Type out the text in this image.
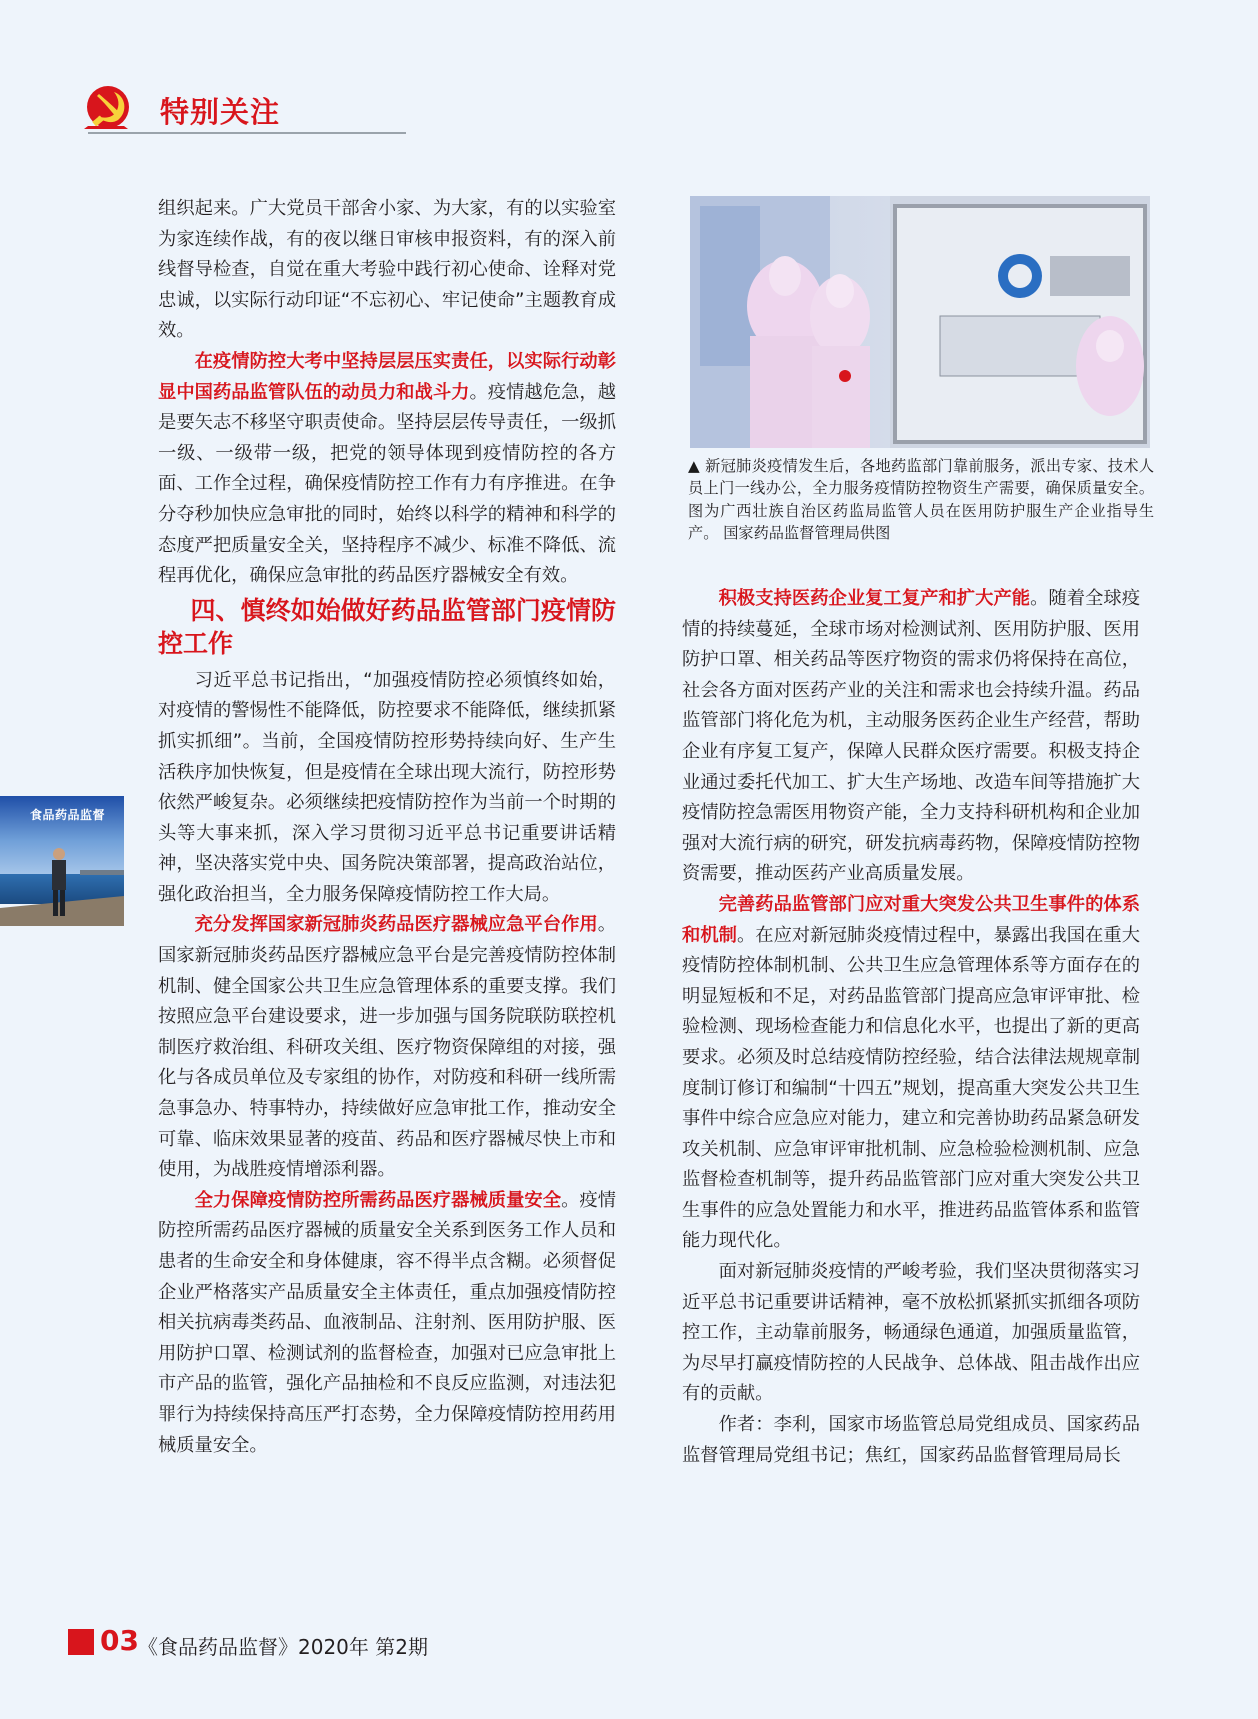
特别关注
食品药品监督

组织起来。广大党员干部舍小家、为大家，有的以实验室为家连续作战，有的夜以继日审核申报资料，有的深入前线督导检查，自觉在重大考验中践行初心使命、诠释对党忠诚，以实际行动印证“不忘初心、牢记使命”主题教育成效。

在疫情防控大考中坚持层层压实责任，以实际行动彰显中国药品监管队伍的动员力和战斗力。疫情越危急，越是要矢志不移坚守职责使命。坚持层层传导责任，一级抓一级、一级带一级，把党的领导体现到疫情防控的各方面、工作全过程，确保疫情防控工作有力有序推进。在争分夺秒加快应急审批的同时，始终以科学的精神和科学的态度严把质量安全关，坚持程序不减少、标准不降低、流程再优化，确保应急审批的药品医疗器械安全有效。

四、慎终如始做好药品监管部门疫情防控工作

习近平总书记指出，“加强疫情防控必须慎终如始，对疫情的警惕性不能降低，防控要求不能降低，继续抓紧抓实抓细”。当前，全国疫情防控形势持续向好、生产生活秩序加快恢复，但是疫情在全球出现大流行，防控形势依然严峻复杂。必须继续把疫情防控作为当前一个时期的头等大事来抓，深入学习贯彻习近平总书记重要讲话精神，坚决落实党中央、国务院决策部署，提高政治站位，强化政治担当，全力服务保障疫情防控工作大局。

充分发挥国家新冠肺炎药品医疗器械应急平台作用。国家新冠肺炎药品医疗器械应急平台是完善疫情防控体制机制、健全国家公共卫生应急管理体系的重要支撑。我们按照应急平台建设要求，进一步加强与国务院联防联控机制医疗救治组、科研攻关组、医疗物资保障组的对接，强化与各成员单位及专家组的协作，对防疫和科研一线所需急事急办、特事特办，持续做好应急审批工作，推动安全可靠、临床效果显著的疫苗、药品和医疗器械尽快上市和使用，为战胜疫情增添利器。

全力保障疫情防控所需药品医疗器械质量安全。疫情防控所需药品医疗器械的质量安全关系到医务工作人员和患者的生命安全和身体健康，容不得半点含糊。必须督促企业严格落实产品质量安全主体责任，重点加强疫情防控相关抗病毒类药品、血液制品、注射剂、医用防护服、医用防护口罩、检测试剂的监督检查，加强对已应急审批上市产品的监管，强化产品抽检和不良反应监测，对违法犯罪行为持续保持高压严打态势，全力保障疫情防控用药用械质量安全。

▲ 新冠肺炎疫情发生后，各地药监部门靠前服务，派出专家、技术人员上门一线办公，全力服务疫情防控物资生产需要，确保质量安全。图为广西壮族自治区药监局监管人员在医用防护服生产企业指导生产。 国家药品监督管理局供图

积极支持医药企业复工复产和扩大产能。随着全球疫情的持续蔓延，全球市场对检测试剂、医用防护服、医用防护口罩、相关药品等医疗物资的需求仍将保持在高位，社会各方面对医药产业的关注和需求也会持续升温。药品监管部门将化危为机，主动服务医药企业生产经营，帮助企业有序复工复产，保障人民群众医疗需要。积极支持企业通过委托代加工、扩大生产场地、改造车间等措施扩大疫情防控急需医用物资产能，全力支持科研机构和企业加强对大流行病的研究，研发抗病毒药物，保障疫情防控物资需要，推动医药产业高质量发展。

完善药品监管部门应对重大突发公共卫生事件的体系和机制。在应对新冠肺炎疫情过程中，暴露出我国在重大疫情防控体制机制、公共卫生应急管理体系等方面存在的明显短板和不足，对药品监管部门提高应急审评审批、检验检测、现场检查能力和信息化水平，也提出了新的更高要求。必须及时总结疫情防控经验，结合法律法规规章制度制订修订和编制“十四五”规划，提高重大突发公共卫生事件中综合应急应对能力，建立和完善协助药品紧急研发攻关机制、应急审评审批机制、应急检验检测机制、应急监督检查机制等，提升药品监管部门应对重大突发公共卫生事件的应急处置能力和水平，推进药品监管体系和监管能力现代化。

面对新冠肺炎疫情的严峻考验，我们坚决贯彻落实习近平总书记重要讲话精神，毫不放松抓紧抓实抓细各项防控工作，主动靠前服务，畅通绿色通道，加强质量监管，为尽早打赢疫情防控的人民战争、总体战、阻击战作出应有的贡献。

作者：李利，国家市场监管总局党组成员、国家药品监督管理局党组书记；焦红，国家药品监督管理局局长

03 《食品药品监督》2020年 第2期
